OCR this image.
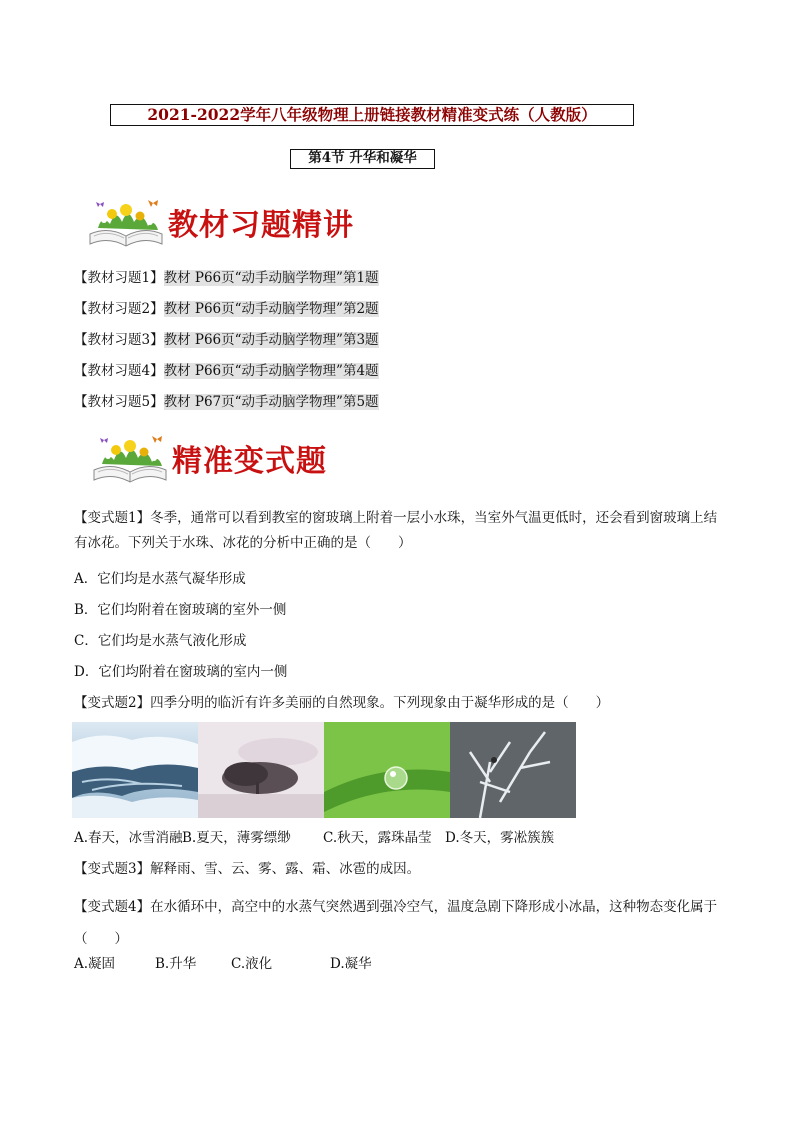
2021-2022学年八年级物理上册链接教材精准变式练（人教版）
第4节 升华和凝华
教材习题精讲
【教材习题1】教材 P66页“动手动脑学物理”第1题
【教材习题2】教材 P66页“动手动脑学物理”第2题
【教材习题3】教材 P66页“动手动脑学物理”第3题
【教材习题4】教材 P66页“动手动脑学物理”第4题
【教材习题5】教材 P67页“动手动脑学物理”第5题
精准变式题
【变式题1】冬季，通常可以看到教室的窗玻璃上附着一层小水珠，当室外气温更低时，还会看到窗玻璃上结有冰花。下列关于水珠、冰花的分析中正确的是（　　）
A．它们均是水蒸气凝华形成
B．它们均附着在窗玻璃的室外一侧
C．它们均是水蒸气液化形成
D．它们均附着在窗玻璃的室内一侧
【变式题2】四季分明的临沂有许多美丽的自然现象。下列现象由于凝华形成的是（　　）
A.春天，冰雪消融B.夏天，薄雾缥缈 C.秋天，露珠晶莹 D.冬天，雾凇簇簇
【变式题3】解释雨、雪、云、雾、露、霜、冰雹的成因。
【变式题4】在水循环中，高空中的水蒸气突然遇到强冷空气，温度急剧下降形成小冰晶，这种物态变化属于（　　）
A.凝固	B.升华	C.液化	D.凝华
